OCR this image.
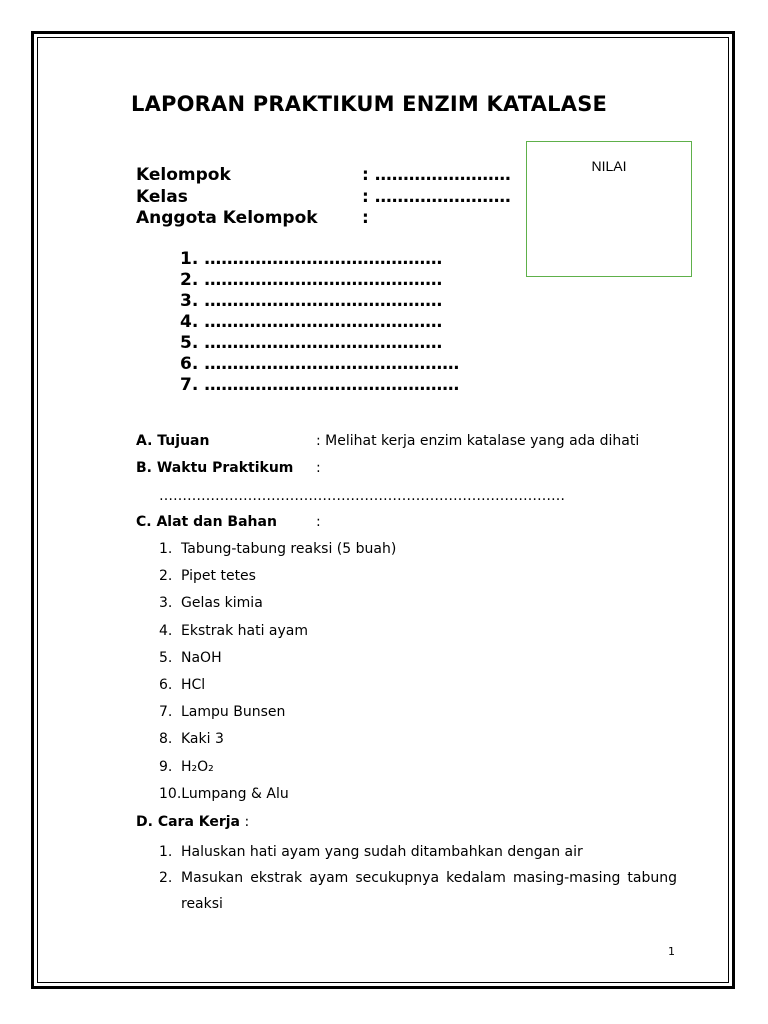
LAPORAN PRAKTIKUM ENZIM KATALASE
NILAI
Kelompok	: ……………………
Kelas	: ……………………
Anggota Kelompok	:
1. ……………………………………
2. ……………………………………
3. ……………………………………
4. ……………………………………
5. ……………………………………
6. ………………………………………
7. ………………………………………
A. Tujuan	: Melihat kerja enzim katalase yang ada dihati
B. Waktu Praktikum :
……………………………………………………………………………
C. Alat dan Bahan	:
1. Tabung-tabung reaksi (5 buah)
2. Pipet tetes
3. Gelas kimia
4. Ekstrak hati ayam
5. NaOH
6. HCl
7. Lampu Bunsen
8. Kaki 3
9. H₂O₂
10.Lumpang & Alu
D. Cara Kerja :
1. Haluskan hati ayam yang sudah ditambahkan dengan air
2. Masukan ekstrak ayam secukupnya kedalam masing-masing tabung reaksi
1
